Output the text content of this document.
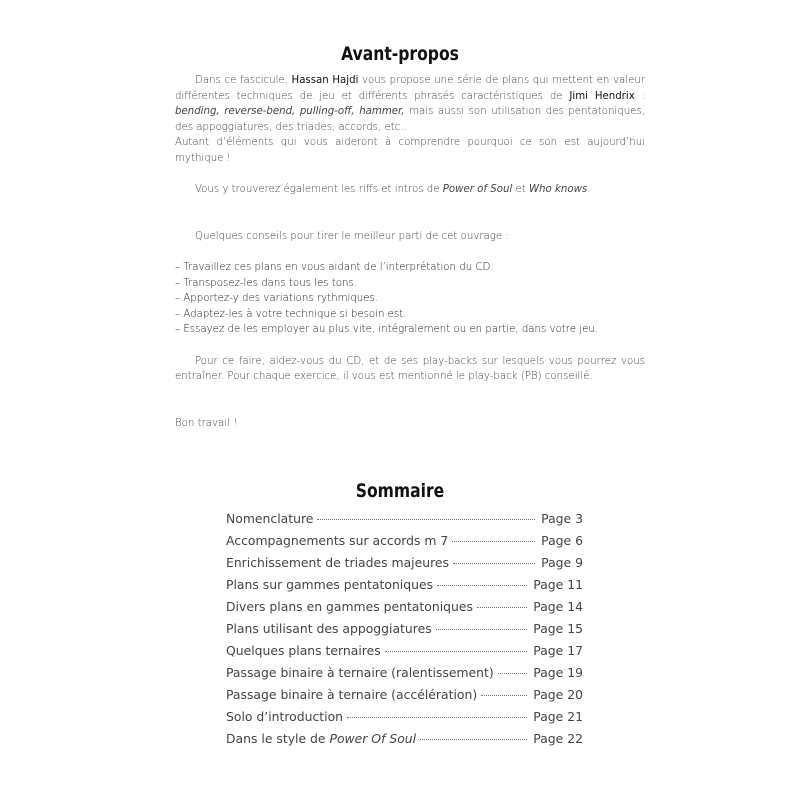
Avant-propos

Dans ce fascicule, Hassan Hajdi vous propose une série de plans qui mettent en valeur différentes techniques de jeu et différents phrasés caractéristiques de Jimi Hendrix : bending, reverse-bend, pulling-off, hammer, mais aussi son utilisation des pentatoniques, des appoggiatures, des triades, accords, etc..

Autant d’éléments qui vous aideront à comprendre pourquoi ce son est aujourd’hui mythique !

Vous y trouverez également les riffs et intros de Power of Soul et Who knows.

Quelques conseils pour tirer le meilleur parti de cet ouvrage :

– Travaillez ces plans en vous aidant de l’interprétation du CD.

– Transposez-les dans tous les tons.

– Apportez-y des variations rythmiques.

– Adaptez-les à votre technique si besoin est.

– Essayez de les employer au plus vite, intégralement ou en partie, dans votre jeu.

Pour ce faire, aidez-vous du CD, et de ses play-backs sur lesquels vous pourrez vous entraîner. Pour chaque exercice, il vous est mentionné le play-back (PB) conseillé.

Bon travail !

Sommaire
Nomenclature	Page 3
Accompagnements sur accords m 7	Page 6
Enrichissement de triades majeures	Page 9
Plans sur gammes pentatoniques	Page 11
Divers plans en gammes pentatoniques	Page 14
Plans utilisant des appoggiatures	Page 15
Quelques plans ternaires	Page 17
Passage binaire à ternaire (ralentissement)	Page 19
Passage binaire à ternaire (accélération)	Page 20
Solo d’introduction	Page 21
Dans le style de Power Of Soul	Page 22
